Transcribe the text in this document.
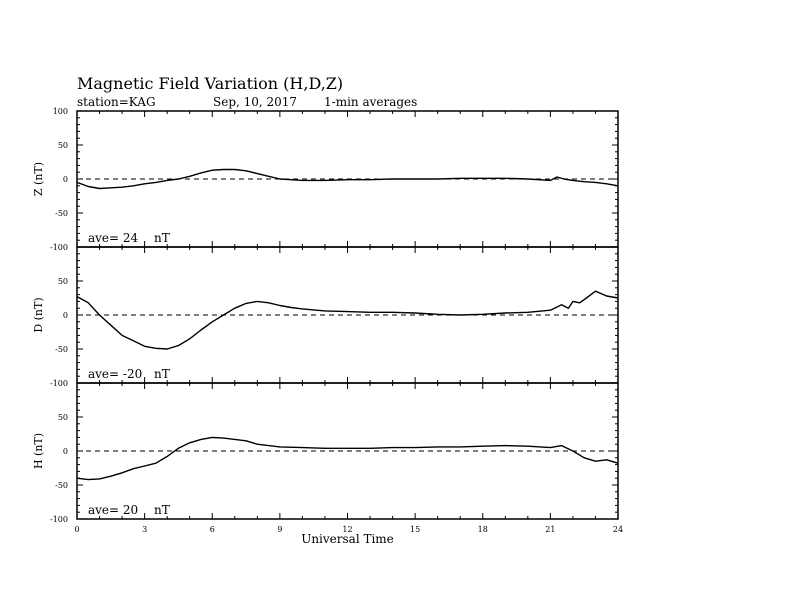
Magnetic Field Variation (H,D,Z)
station=KAG	Sep, 10, 2017 1-min averages
100
50
0
-50
-100
Z (nT)
ave= 24 nT
50
0
-50
-100
D (nT)
ave= -20 nT
50
0
-50
-100
H (nT)
ave= 20 nT
0	3	6	9	12	15	18	21	24
Universal Time
